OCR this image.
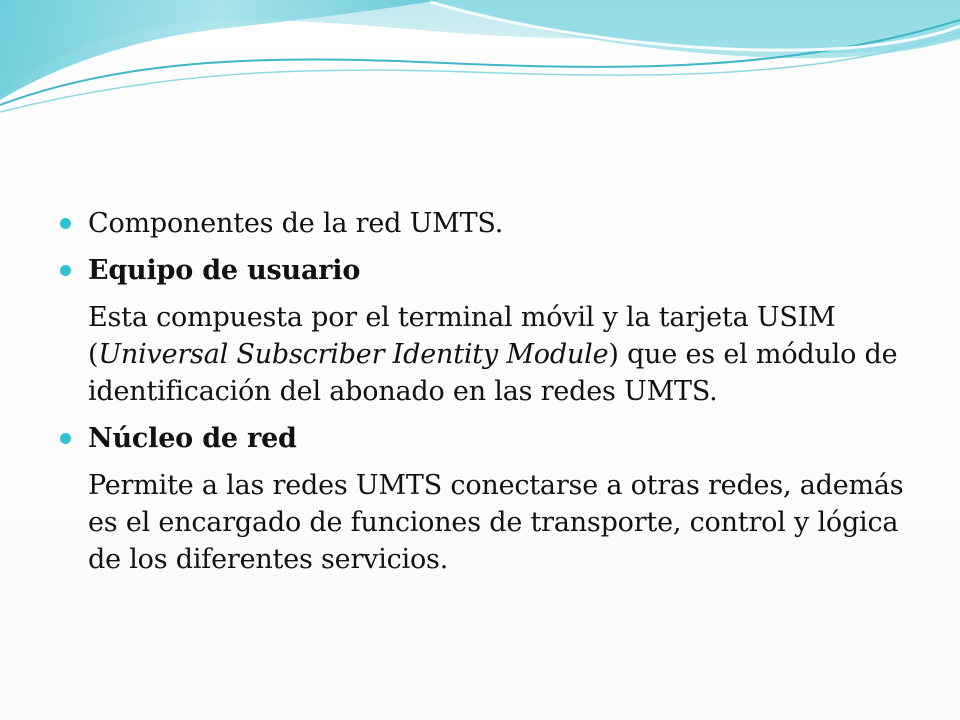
Componentes de la red UMTS.
Equipo de usuario
Esta compuesta por el terminal móvil y la tarjeta USIM (Universal Subscriber Identity Module) que es el módulo de identificación del abonado en las redes UMTS.
Núcleo de red
Permite a las redes UMTS conectarse a otras redes, además es el encargado de funciones de transporte, control y lógica de los diferentes servicios.
